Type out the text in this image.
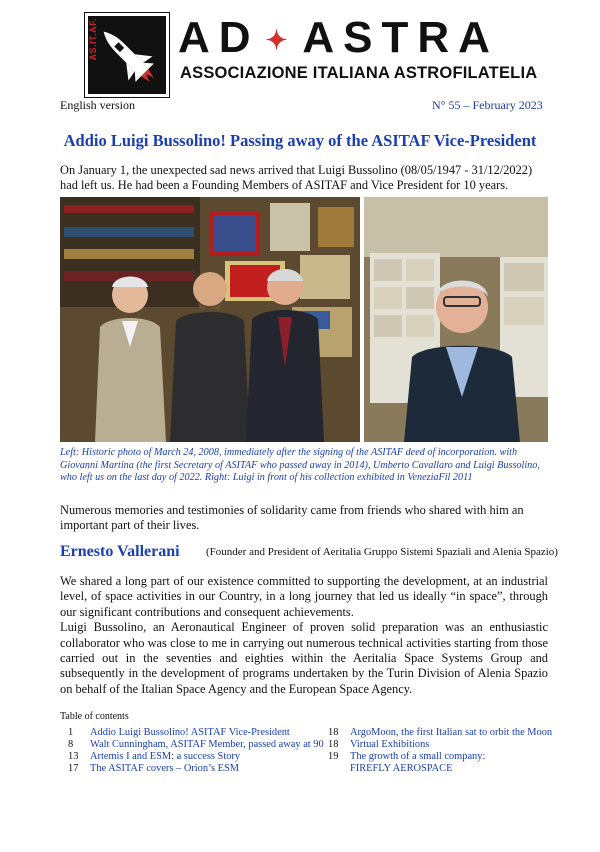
AS.IT.AF. AD ✦ ASTRA
ASSOCIAZIONE ITALIANA ASTROFILATELIA
English version	N° 55 – February 2023
Addio Luigi Bussolino! Passing away of the ASITAF Vice-President
On January 1, the unexpected sad news arrived that Luigi Bussolino (08/05/1947 - 31/12/2022) had left us. He had been a Founding Members of ASITAF and Vice President for 10 years.
Left: Historic photo of March 24, 2008, immediately after the signing of the ASITAF deed of incorporation. with Giovanni Martina (the first Secretary of ASITAF who passed away in 2014), Umberto Cavallaro and Luigi Bussolino, who left us on the last day of 2022. Right: Luigi in front of his collection exhibited in VeneziaFil 2011
Numerous memories and testimonies of solidarity came from friends who shared with him an important part of their lives.
Ernesto Vallerani (Founder and President of Aeritalia Gruppo Sistemi Spaziali and Alenia Spazio)

We shared a long part of our existence committed to supporting the development, at an industrial level, of space activities in our Country, in a long journey that led us ideally “in space”, through our significant contributions and consequent achievements.

Luigi Bussolino, an Aeronautical Engineer of proven solid preparation was an enthusiastic collaborator who was close to me in carrying out numerous technical activities starting from those carried out in the seventies and eighties within the Aeritalia Space Systems Group and subsequently in the development of programs undertaken by the Turin Division of Alenia Spazio on behalf of the Italian Space Agency and the European Space Agency.

Table of contents
1	Addio Luigi Bussolino! ASITAF Vice-President
8	Walt Cunningham, ASITAF Member, passed away at 90
13	Artemis I and ESM: a success Story
17	The ASITAF covers – Orion’s ESM
18	ArgoMoon, the first Italian sat to orbit the Moon
18	Virtual Exhibitions
19	The growth of a small company:
FIREFLY AEROSPACE
